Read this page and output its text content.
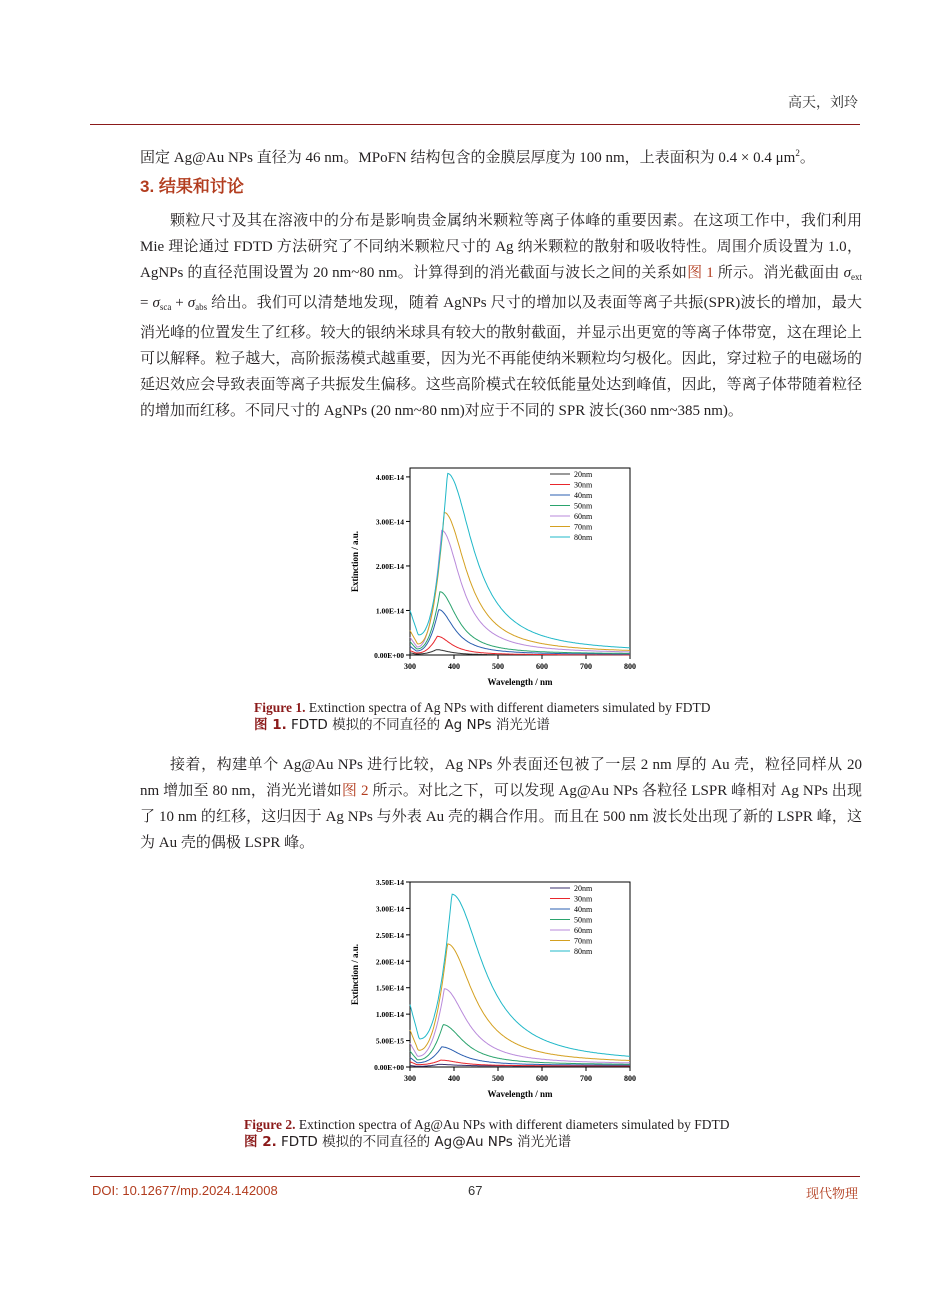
高天，刘玲
固定 Ag@Au NPs 直径为 46 nm。MPoFN 结构包含的金膜层厚度为 100 nm，上表面积为 0.4 × 0.4 $\mu m^2$。
3. 结果和讨论

颗粒尺寸及其在溶液中的分布是影响贵金属纳米颗粒等离子体峰的重要因素。在这项工作中，我们利用 Mie 理论通过 FDTD 方法研究了不同纳米颗粒尺寸的 Ag 纳米颗粒的散射和吸收特性。周围介质设置为 1.0，AgNPs 的直径范围设置为 20 nm~80 nm。计算得到的消光截面与波长之间的关系如图 1 所示。消光截面由 $\sigma_{ext} = \sigma_{sca} + \sigma_{abs}$ 给出。我们可以清楚地发现，随着 AgNPs 尺寸的增加以及表面等离子共振(SPR)波长的增加，最大消光峰的位置发生了红移。较大的银纳米球具有较大的散射截面，并显示出更宽的等离子体带宽，这在理论上可以解释。粒子越大，高阶振荡模式越重要，因为光不再能使纳米颗粒均匀极化。因此，穿过粒子的电磁场的延迟效应会导致表面等离子共振发生偏移。这些高阶模式在较低能量处达到峰值，因此，等离子体带随着粒径的增加而红移。不同尺寸的 AgNPs (20 nm~80 nm)对应于不同的 SPR 波长(360 nm~385 nm)。

300	400	500	600	700	800
0.00E+00
1.00E-14
2.00E-14
3.00E-14
4.00E-14
Wavelength / nm
Extinction / a.u.
20nm
30nm
40nm
50nm
60nm
70nm
80nm
Figure 1. Extinction spectra of Ag NPs with different diameters simulated by FDTD
图 1. FDTD 模拟的不同直径的 Ag NPs 消光光谱

接着，构建单个 Ag@Au NPs 进行比较，Ag NPs 外表面还包被了一层 2 nm 厚的 Au 壳，粒径同样从 20 nm 增加至 80 nm，消光光谱如图 2 所示。对比之下，可以发现 Ag@Au NPs 各粒径 LSPR 峰相对 Ag NPs 出现了 10 nm 的红移，这归因于 Ag NPs 与外表 Au 壳的耦合作用。而且在 500 nm 波长处出现了新的 LSPR 峰，这为 Au 壳的偶极 LSPR 峰。

300	400	500	600	700	800
0.00E+00
5.00E-15
1.00E-14
1.50E-14
2.00E-14
2.50E-14
3.00E-14
3.50E-14
Wavelength / nm
Extinction / a.u.
20nm
30nm
40nm
50nm
60nm
70nm
80nm
Figure 2. Extinction spectra of Ag@Au NPs with different diameters simulated by FDTD
图 2. FDTD 模拟的不同直径的 Ag@Au NPs 消光光谱
DOI: 10.12677/mp.2024.142008	67	现代物理
